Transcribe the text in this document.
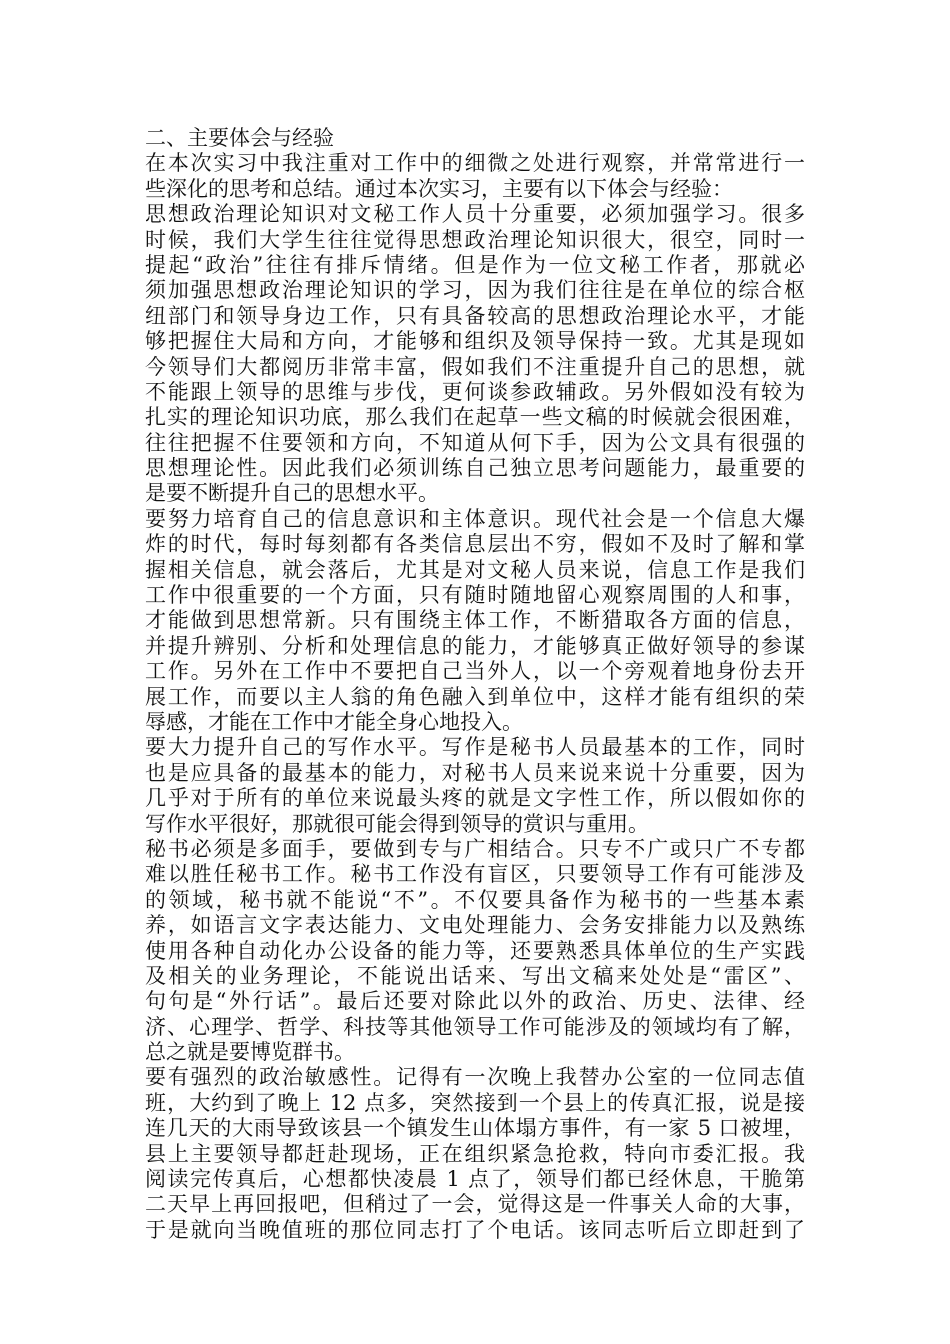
二、主要体会与经验
在本次实习中我注重对工作中的细微之处进行观察，并常常进行一
些深化的思考和总结。通过本次实习，主要有以下体会与经验：
思想政治理论知识对文秘工作人员十分重要，必须加强学习。很多
时候，我们大学生往往觉得思想政治理论知识很大，很空，同时一
提起“政治”往往有排斥情绪。但是作为一位文秘工作者，那就必
须加强思想政治理论知识的学习，因为我们往往是在单位的综合枢
纽部门和领导身边工作，只有具备较高的思想政治理论水平，才能
够把握住大局和方向，才能够和组织及领导保持一致。尤其是现如
今领导们大都阅历非常丰富，假如我们不注重提升自己的思想，就
不能跟上领导的思维与步伐，更何谈参政辅政。另外假如没有较为
扎实的理论知识功底，那么我们在起草一些文稿的时候就会很困难，
往往把握不住要领和方向，不知道从何下手，因为公文具有很强的
思想理论性。因此我们必须训练自己独立思考问题能力，最重要的
是要不断提升自己的思想水平。
要努力培育自己的信息意识和主体意识。现代社会是一个信息大爆
炸的时代，每时每刻都有各类信息层出不穷，假如不及时了解和掌
握相关信息，就会落后，尤其是对文秘人员来说，信息工作是我们
工作中很重要的一个方面，只有随时随地留心观察周围的人和事，
才能做到思想常新。只有围绕主体工作，不断猎取各方面的信息，
并提升辨别、分析和处理信息的能力，才能够真正做好领导的参谋
工作。另外在工作中不要把自己当外人，以一个旁观着地身份去开
展工作，而要以主人翁的角色融入到单位中，这样才能有组织的荣
辱感，才能在工作中才能全身心地投入。
要大力提升自己的写作水平。写作是秘书人员最基本的工作，同时
也是应具备的最基本的能力，对秘书人员来说来说十分重要，因为
几乎对于所有的单位来说最头疼的就是文字性工作，所以假如你的
写作水平很好，那就很可能会得到领导的赏识与重用。
秘书必须是多面手，要做到专与广相结合。只专不广或只广不专都
难以胜任秘书工作。秘书工作没有盲区，只要领导工作有可能涉及
的领域，秘书就不能说“不”。不仅要具备作为秘书的一些基本素
养，如语言文字表达能力、文电处理能力、会务安排能力以及熟练
使用各种自动化办公设备的能力等，还要熟悉具体单位的生产实践
及相关的业务理论，不能说出话来、写出文稿来处处是“雷区”、
句句是“外行话”。最后还要对除此以外的政治、历史、法律、经
济、心理学、哲学、科技等其他领导工作可能涉及的领域均有了解，
总之就是要博览群书。
要有强烈的政治敏感性。记得有一次晚上我替办公室的一位同志值
班，大约到了晚上 12 点多，突然接到一个县上的传真汇报，说是接
连几天的大雨导致该县一个镇发生山体塌方事件，有一家 5 口被埋，
县上主要领导都赶赴现场，正在组织紧急抢救，特向市委汇报。我
阅读完传真后，心想都快凌晨 1 点了，领导们都已经休息，干脆第
二天早上再回报吧，但稍过了一会，觉得这是一件事关人命的大事，
于是就向当晚值班的那位同志打了个电话。该同志听后立即赶到了
